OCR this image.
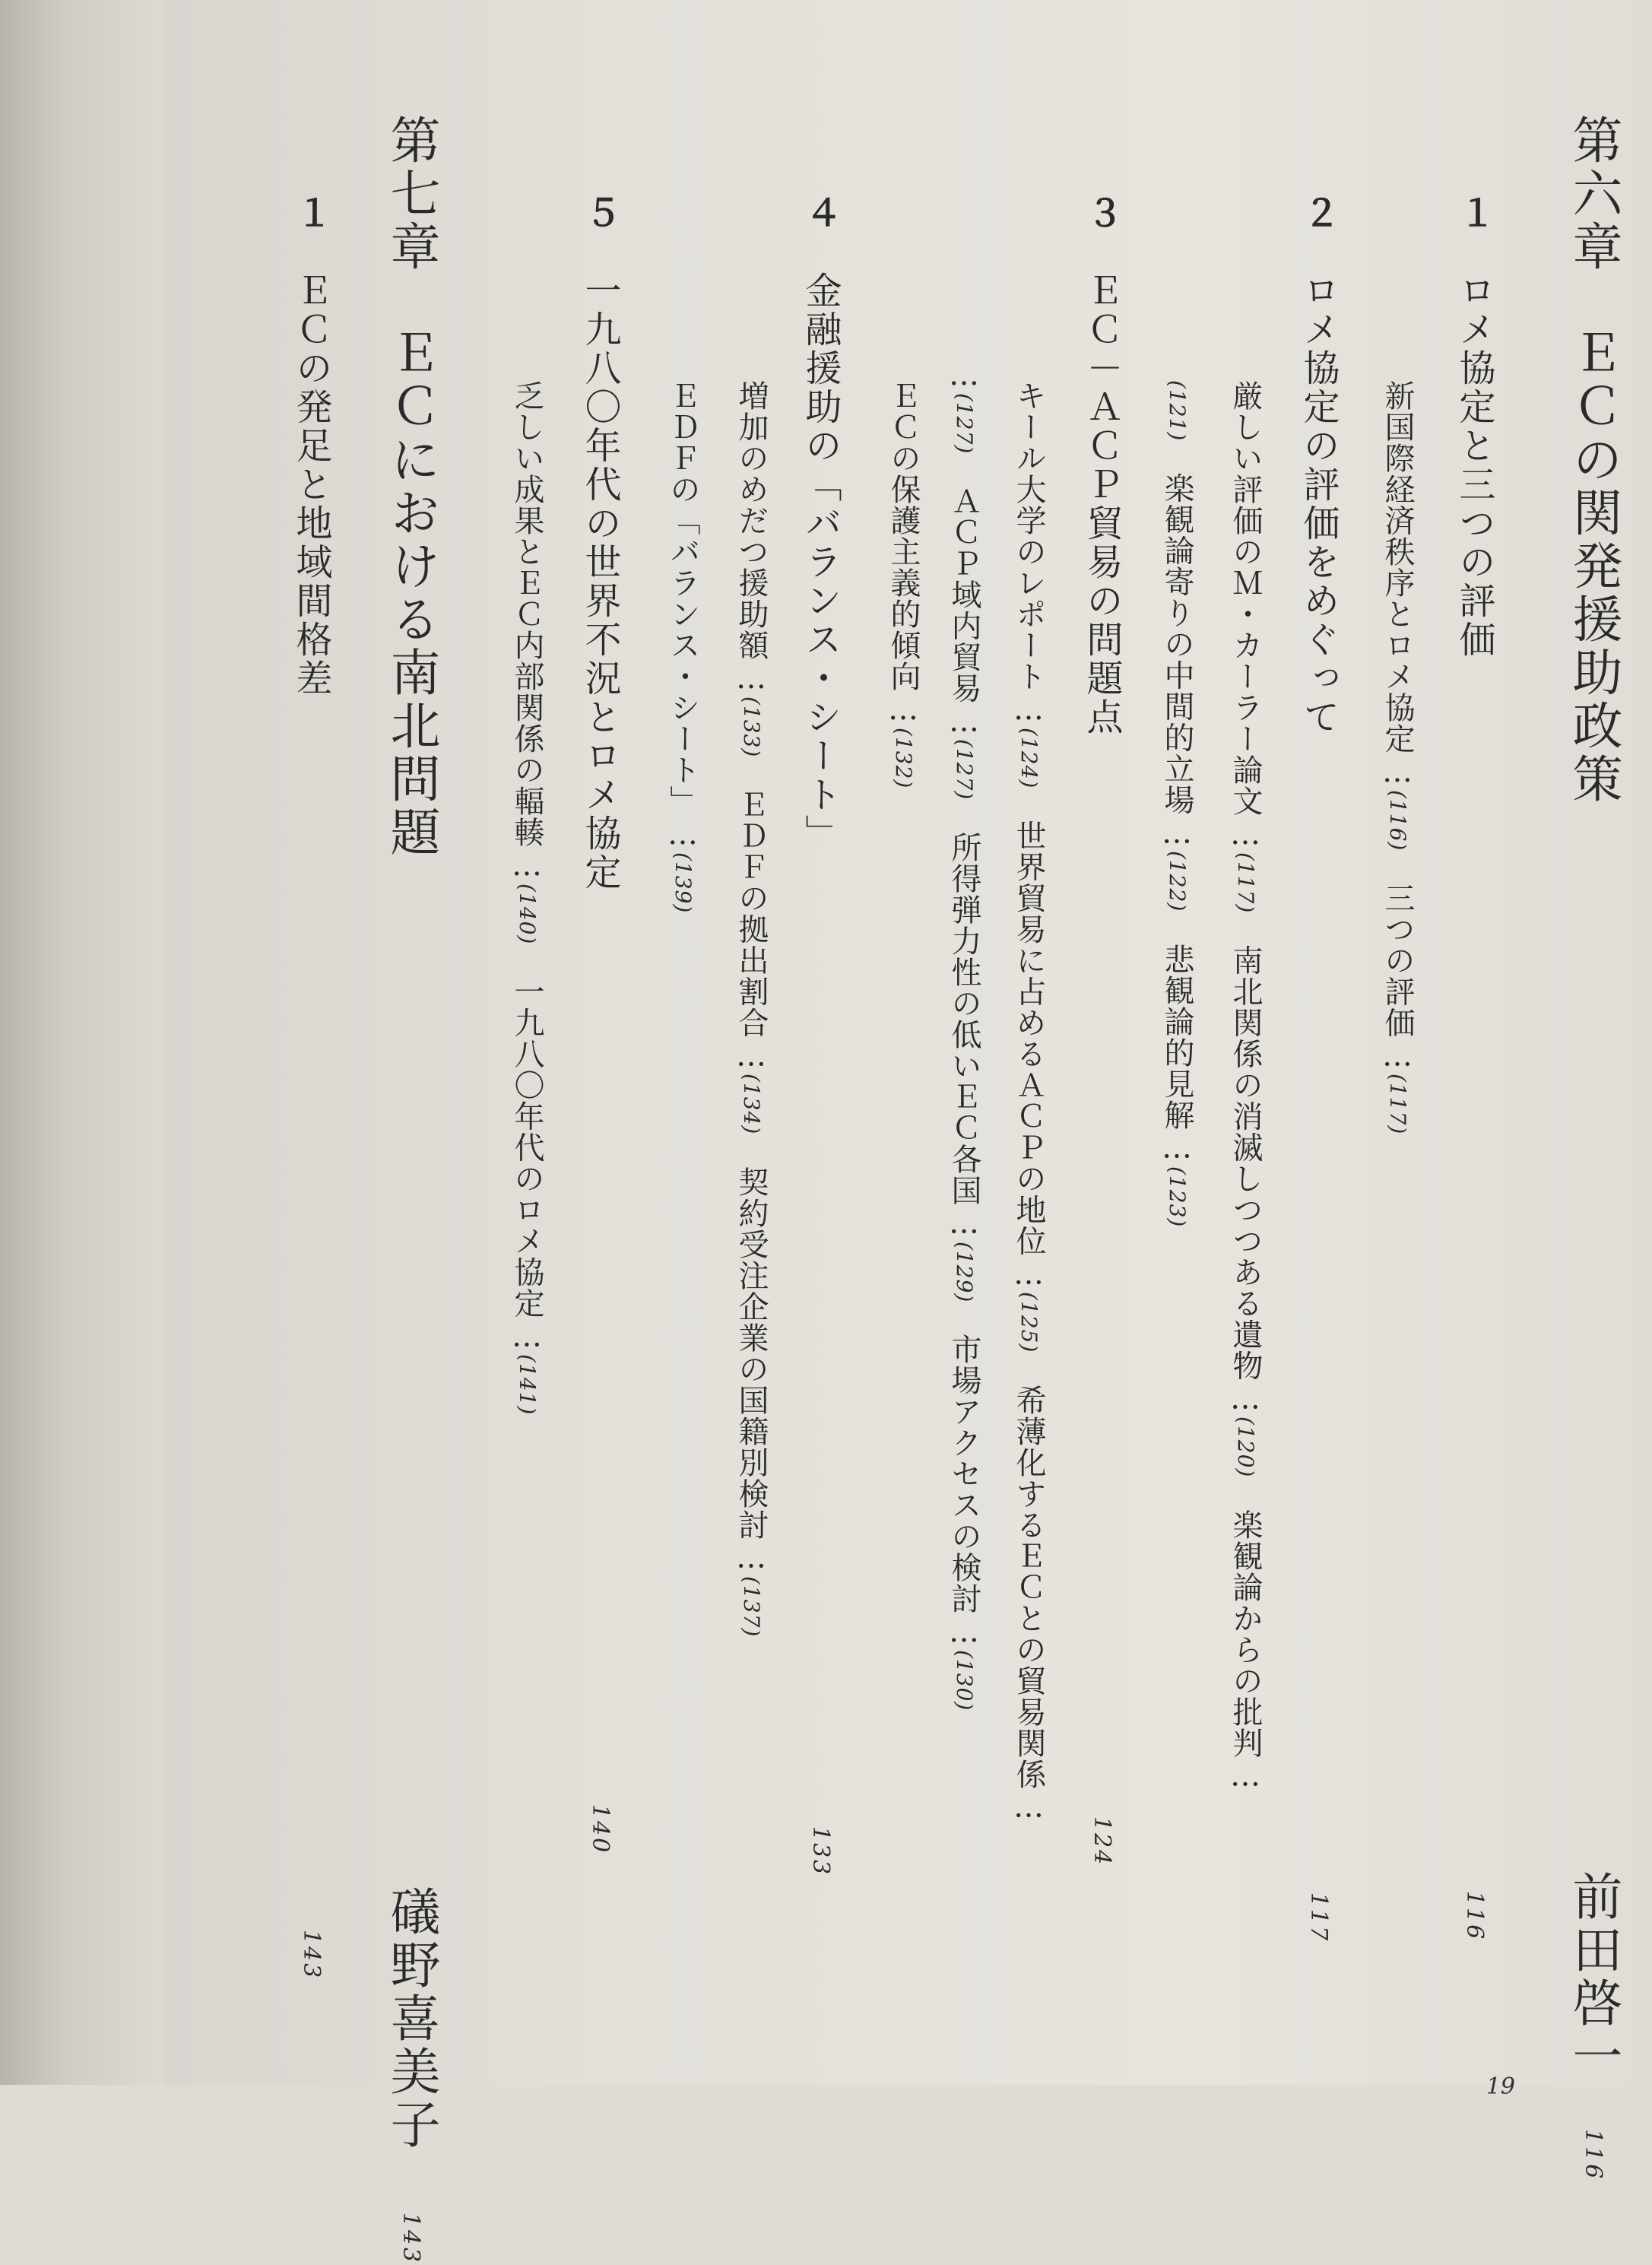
第六章　ＥＣの関発援助政策前田啓一116
１　ロメ協定と三つの評価116
新国際経済秩序とロメ協定…(116)　三つの評価…(117)
２　ロメ協定の評価をめぐって117
厳しい評価のＭ・カーラー論文…(117)　南北関係の消滅しつつある遺物…(120)　楽観論からの批判…
(121)　楽観論寄りの中間的立場…(122)　悲観論的見解…(123)
３　ＥＣ－ＡＣＰ貿易の問題点124
キール大学のレポート…(124)　世界貿易に占めるＡＣＰの地位…(125)　希薄化するＥＣとの貿易関係…
…(127)　ＡＣＰ域内貿易…(127)　所得弾力性の低いＥＣ各国…(129)　市場アクセスの検討…(130)
ＥＣの保護主義的傾向…(132)
４　金融援助の「バランス・シート」133
増加のめだつ援助額…(133)　ＥＤＦの拠出割合…(134)　契約受注企業の国籍別検討…(137)
ＥＤＦの「バランス・シート」…(139)
５　一九八〇年代の世界不況とロメ協定140
乏しい成果とＥＣ内部関係の輻輳…(140)　一九八〇年代のロメ協定…(141)
第七章　ＥＣにおける南北問題礒野喜美子143
１　ＥＣの発足と地域間格差143
19
